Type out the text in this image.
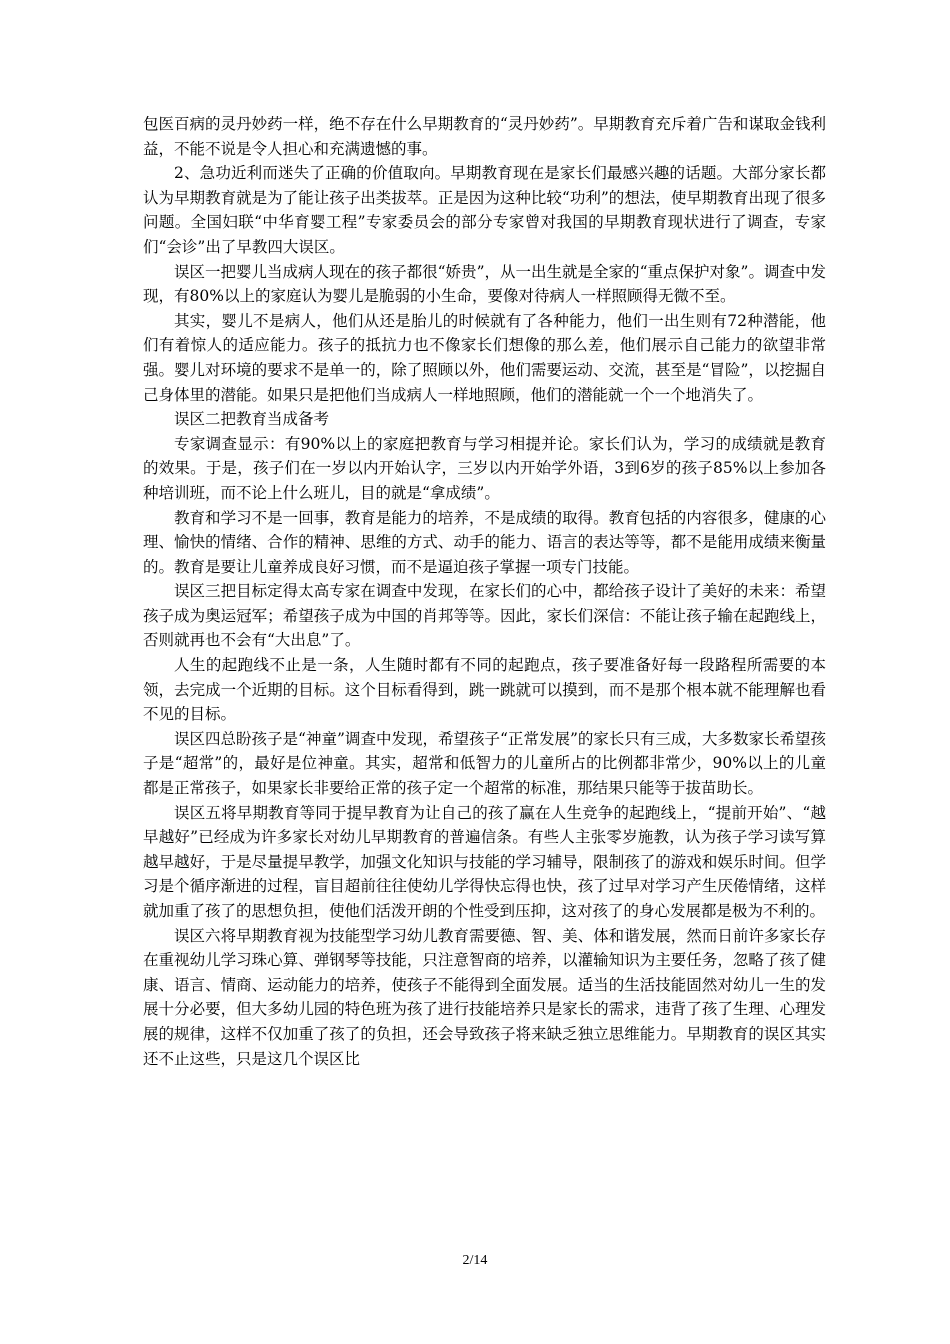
包医百病的灵丹妙药一样，绝不存在什么早期教育的“灵丹妙药”。早期教育充斥着广告和谋取金钱利益，不能不说是令人担心和充满遗憾的事。

2、急功近利而迷失了正确的价值取向。早期教育现在是家长们最感兴趣的话题。大部分家长都认为早期教育就是为了能让孩子出类拔萃。正是因为这种比较“功利”的想法，使早期教育出现了很多问题。全国妇联“中华育婴工程”专家委员会的部分专家曾对我国的早期教育现状进行了调查，专家们“会诊”出了早教四大误区。

误区一把婴儿当成病人现在的孩子都很“娇贵”，从一出生就是全家的“重点保护对象”。调查中发现，有80%以上的家庭认为婴儿是脆弱的小生命，要像对待病人一样照顾得无微不至。

其实，婴儿不是病人，他们从还是胎儿的时候就有了各种能力，他们一出生则有72种潜能，他们有着惊人的适应能力。孩子的抵抗力也不像家长们想像的那么差，他们展示自己能力的欲望非常强。婴儿对环境的要求不是单一的，除了照顾以外，他们需要运动、交流，甚至是“冒险”，以挖掘自己身体里的潜能。如果只是把他们当成病人一样地照顾，他们的潜能就一个一个地消失了。

误区二把教育当成备考

专家调查显示：有90%以上的家庭把教育与学习相提并论。家长们认为，学习的成绩就是教育的效果。于是，孩子们在一岁以内开始认字，三岁以内开始学外语，3到6岁的孩子85%以上参加各种培训班，而不论上什么班儿，目的就是“拿成绩”。

教育和学习不是一回事，教育是能力的培养，不是成绩的取得。教育包括的内容很多，健康的心理、愉快的情绪、合作的精神、思维的方式、动手的能力、语言的表达等等，都不是能用成绩来衡量的。教育是要让儿童养成良好习惯，而不是逼迫孩子掌握一项专门技能。

误区三把目标定得太高专家在调查中发现，在家长们的心中，都给孩子设计了美好的未来：希望孩子成为奥运冠军；希望孩子成为中国的肖邦等等。因此，家长们深信：不能让孩子输在起跑线上，否则就再也不会有“大出息”了。

人生的起跑线不止是一条，人生随时都有不同的起跑点，孩子要准备好每一段路程所需要的本领，去完成一个近期的目标。这个目标看得到，跳一跳就可以摸到，而不是那个根本就不能理解也看不见的目标。

误区四总盼孩子是“神童”调查中发现，希望孩子“正常发展”的家长只有三成，大多数家长希望孩子是“超常”的，最好是位神童。其实，超常和低智力的儿童所占的比例都非常少，90%以上的儿童都是正常孩子，如果家长非要给正常的孩子定一个超常的标准，那结果只能等于拔苗助长。

误区五将早期教育等同于提早教育为让自己的孩了赢在人生竞争的起跑线上，“提前开始”、“越早越好”已经成为许多家长对幼儿早期教育的普遍信条。有些人主张零岁施教，认为孩子学习读写算越早越好，于是尽量提早教学，加强文化知识与技能的学习辅导，限制孩了的游戏和娱乐时间。但学习是个循序渐进的过程，盲目超前往往使幼儿学得快忘得也快，孩了过早对学习产生厌倦情绪，这样就加重了孩了的思想负担，使他们活泼开朗的个性受到压抑，这对孩了的身心发展都是极为不利的。

误区六将早期教育视为技能型学习幼儿教育需要德、智、美、体和谐发展，然而日前许多家长存在重视幼儿学习珠心算、弹钢琴等技能，只注意智商的培养，以灌输知识为主要任务，忽略了孩了健康、语言、情商、运动能力的培养，使孩子不能得到全面发展。适当的生活技能固然对幼儿一生的发展十分必要，但大多幼儿园的特色班为孩了进行技能培养只是家长的需求，违背了孩了生理、心理发展的规律，这样不仅加重了孩了的负担，还会导致孩子将来缺乏独立思维能力。早期教育的误区其实还不止这些，只是这几个误区比

2/14
